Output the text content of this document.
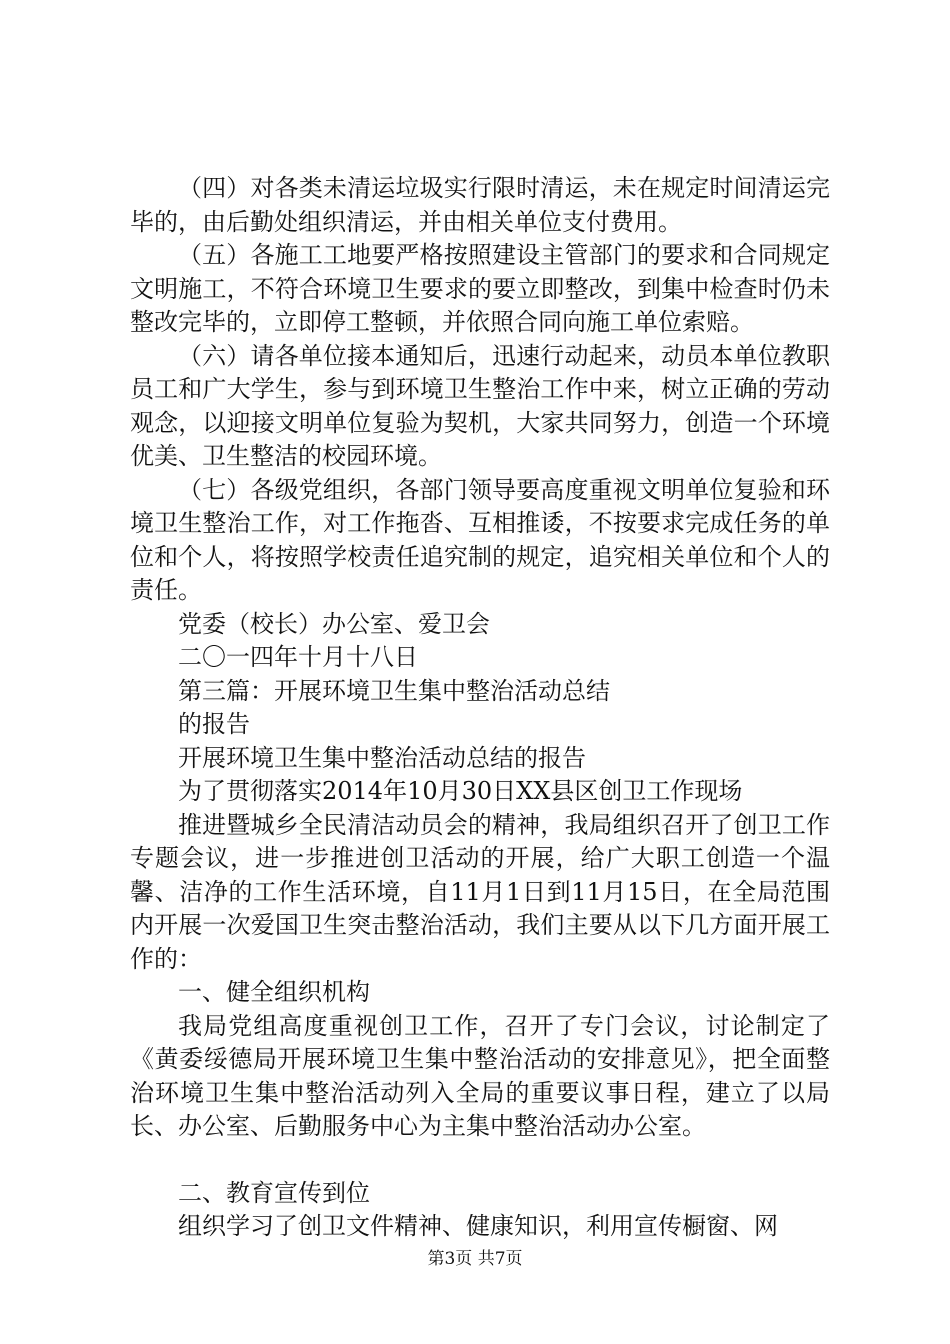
（四）对各类未清运垃圾实行限时清运，未在规定时间清运完毕的，由后勤处组织清运，并由相关单位支付费用。

（五）各施工工地要严格按照建设主管部门的要求和合同规定文明施工，不符合环境卫生要求的要立即整改，到集中检查时仍未整改完毕的，立即停工整顿，并依照合同向施工单位索赔。

（六）请各单位接本通知后，迅速行动起来，动员本单位教职员工和广大学生，参与到环境卫生整治工作中来，树立正确的劳动观念，以迎接文明单位复验为契机，大家共同努力，创造一个环境优美、卫生整洁的校园环境。

（七）各级党组织，各部门领导要高度重视文明单位复验和环境卫生整治工作，对工作拖沓、互相推诿，不按要求完成任务的单位和个人，将按照学校责任追究制的规定，追究相关单位和个人的责任。

党委（校长）办公室、爱卫会

二〇一四年十月十八日

第三篇：开展环境卫生集中整治活动总结

的报告

开展环境卫生集中整治活动总结的报告

为了贯彻落实2014年10月30日XX县区创卫工作现场

推进暨城乡全民清洁动员会的精神，我局组织召开了创卫工作专题会议，进一步推进创卫活动的开展，给广大职工创造一个温馨、洁净的工作生活环境，自11月1日到11月15日，在全局范围内开展一次爱国卫生突击整治活动，我们主要从以下几方面开展工作的：

一、健全组织机构

我局党组高度重视创卫工作，召开了专门会议，讨论制定了《黄委绥德局开展环境卫生集中整治活动的安排意见》，把全面整治环境卫生集中整治活动列入全局的重要议事日程，建立了以局长、办公室、后勤服务中心为主集中整治活动办公室。

二、教育宣传到位

组织学习了创卫文件精神、健康知识，利用宣传橱窗、网

第3页 共7页
